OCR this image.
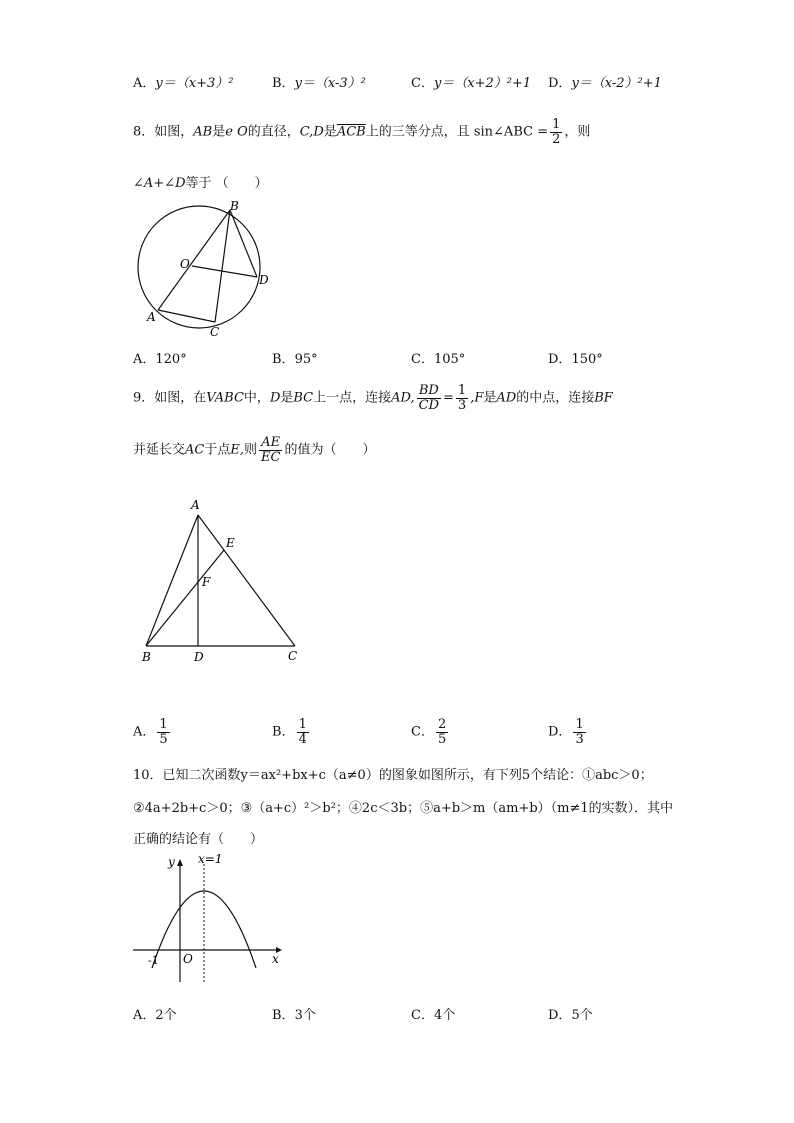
A．y＝（x+3）²	B．y＝（x-3）²	C．y＝（x+2）²+1 D．y＝（x-2）²+1
8．如图，AB是e O的直径，C,D是$\overline{ACB}$上的三等分点，且 sin∠ABC = $\frac{1}{2}$ ，则
∠A+∠D等于 （　　）
B
O
D
A
C
A．120°	B．95°	C．105°	D．150°
9．如图，在VABC中，D是BC上一点，连接AD, $\frac{BD}{CD} = \frac{1}{3} ,F$是AD的中点，连接BF
并延长交AC于点E,则 $\frac{AE}{EC}$ 的值为（　　）
A
E
F
B	D	C
A． $\frac{1}{5}$	B． $\frac{1}{4}$	C． $\frac{2}{5}$	D． $\frac{1}{3}$
10．已知二次函数y＝ax²+bx+c（a≠0）的图象如图所示，有下列5个结论：①abc＞0；
②4a+2b+c＞0；③（a+c）²＞b²；④2c＜3b；⑤a+b＞m（am+b）（m≠1的实数）．其中
正确的结论有（　　）
y x=1
-1 O	x
A．2个	B．3个	C．4个	D．5个
